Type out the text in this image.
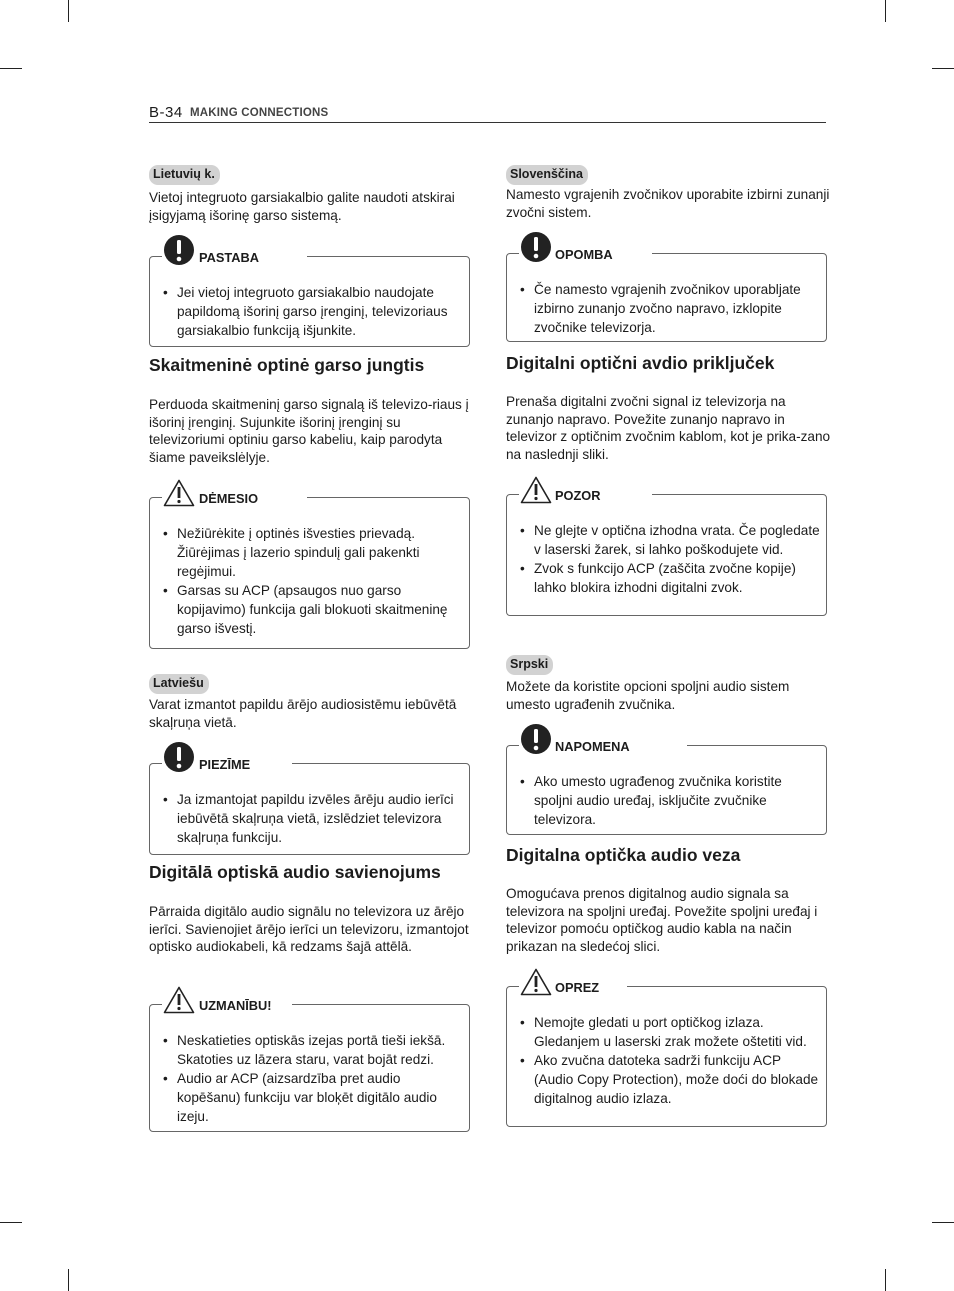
B-34 MAKING CONNECTIONS
Lietuvių k.
Vietoj integruoto garsiakalbio galite naudoti atskirai įsigyjamą išorinę garso sistemą.
PASTABA
• Jei vietoj integruoto garsiakalbio naudojate papildomą išorinį garso įrenginį, televizoriaus garsiakalbio funkciją išjunkite.
Skaitmeninė optinė garso jungtis
Perduoda skaitmeninį garso signalą iš televizo-riaus į išorinį įrenginį. Sujunkite išorinį įrenginį su televizoriumi optiniu garso kabeliu, kaip parodyta šiame paveikslėlyje.
DĖMESIO
• Nežiūrėkite į optinės išvesties prievadą. Žiūrėjimas į lazerio spindulį gali pakenkti regėjimui.
• Garsas su ACP (apsaugos nuo garso kopijavimo) funkcija gali blokuoti skaitmeninę garso išvestį.
Latviešu
Varat izmantot papildu ārējo audiosistēmu iebūvētā skaļruņa vietā.
PIEZĪME
• Ja izmantojat papildu izvēles ārēju audio ierīci iebūvētā skaļruņa vietā, izslēdziet televizora skaļruņa funkciju.
Digitālā optiskā audio savienojums
Pārraida digitālo audio signālu no televizora uz ārējo ierīci. Savienojiet ārējo ierīci un televizoru, izmantojot optisko audiokabeli, kā redzams šajā attēlā.
UZMANĪBU!
• Neskatieties optiskās izejas portā tieši iekšā. Skatoties uz lāzera staru, varat bojāt redzi.
• Audio ar ACP (aizsardzība pret audio kopēšanu) funkciju var bloķēt digitālo audio izeju.
Slovenščina
Namesto vgrajenih zvočnikov uporabite izbirni zunanji zvočni sistem.
OPOMBA
• Če namesto vgrajenih zvočnikov uporabljate izbirno zunanjo zvočno napravo, izklopite zvočnike televizorja.
Digitalni optični avdio priključek
Prenaša digitalni zvočni signal iz televizorja na zunanjo napravo. Povežite zunanjo napravo in televizor z optičnim zvočnim kablom, kot je prika-zano na naslednji sliki.
POZOR
• Ne glejte v optična izhodna vrata. Če pogledate v laserski žarek, si lahko poškodujete vid.
• Zvok s funkcijo ACP (zaščita zvočne kopije) lahko blokira izhodni digitalni zvok.
Srpski
Možete da koristite opcioni spoljni audio sistem umesto ugrađenih zvučnika.
NAPOMENA
• Ako umesto ugrađenog zvučnika koristite spoljni audio uređaj, isključite zvučnike televizora.
Digitalna optička audio veza
Omogućava prenos digitalnog audio signala sa televizora na spoljni uređaj. Povežite spoljni uređaj i televizor pomoću optičkog audio kabla na način prikazan na sledećoj slici.
OPREZ
• Nemojte gledati u port optičkog izlaza. Gledanjem u laserski zrak možete oštetiti vid.
• Ako zvučna datoteka sadrži funkciju ACP (Audio Copy Protection), može doći do blokade digitalnog audio izlaza.
